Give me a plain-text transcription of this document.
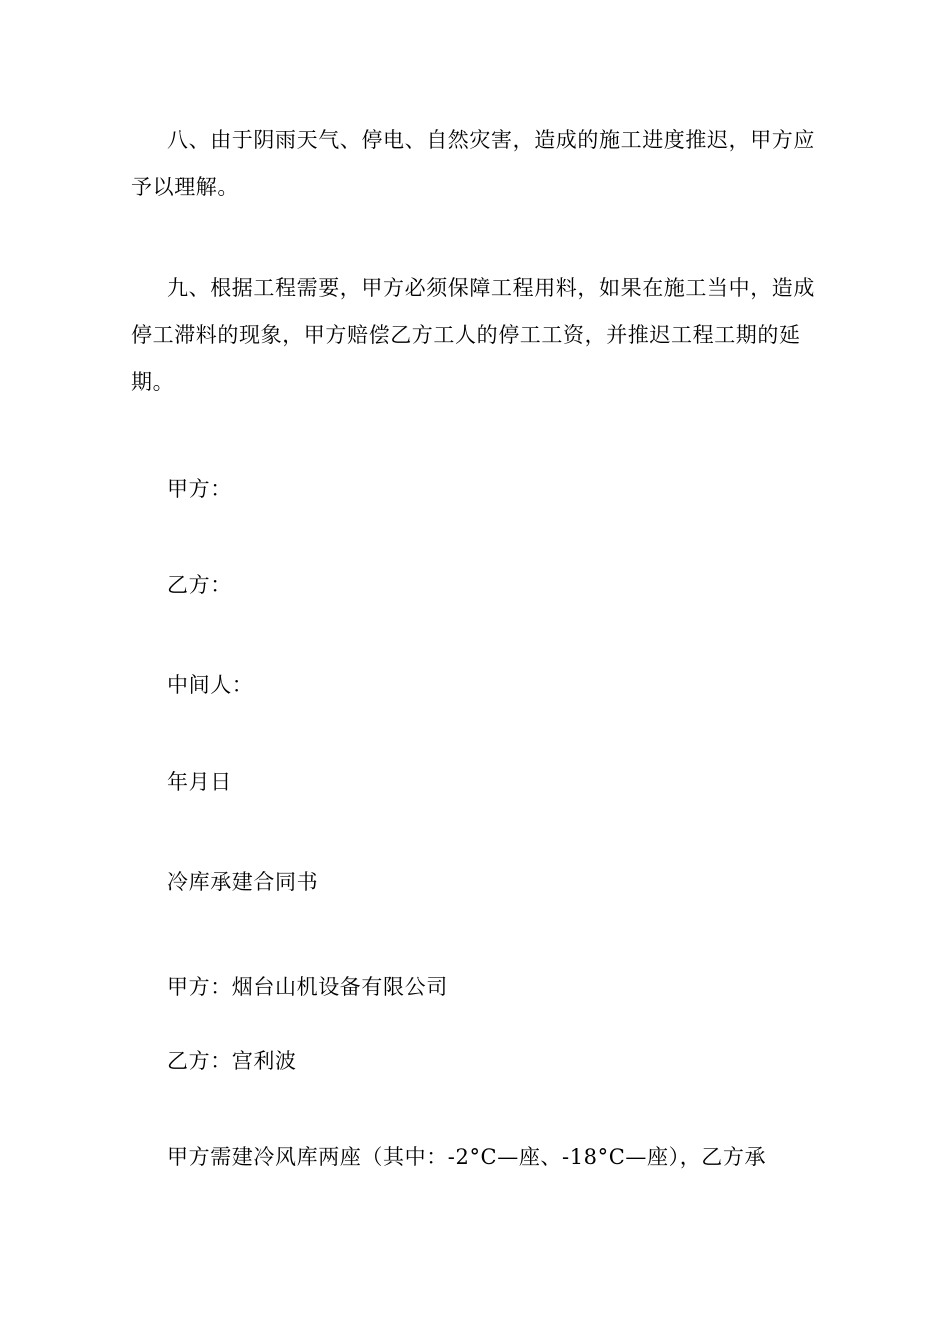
八、由于阴雨天气、停电、自然灾害，造成的施工进度推迟，甲方应予以理解。

九、根据工程需要，甲方必须保障工程用料，如果在施工当中，造成停工滞料的现象，甲方赔偿乙方工人的停工工资，并推迟工程工期的延期。

甲方：

乙方：

中间人：

年月日

冷库承建合同书

甲方：烟台山机设备有限公司

乙方：宫利波

甲方需建冷风库两座（其中：-2°C—座、-18°C—座），乙方承
